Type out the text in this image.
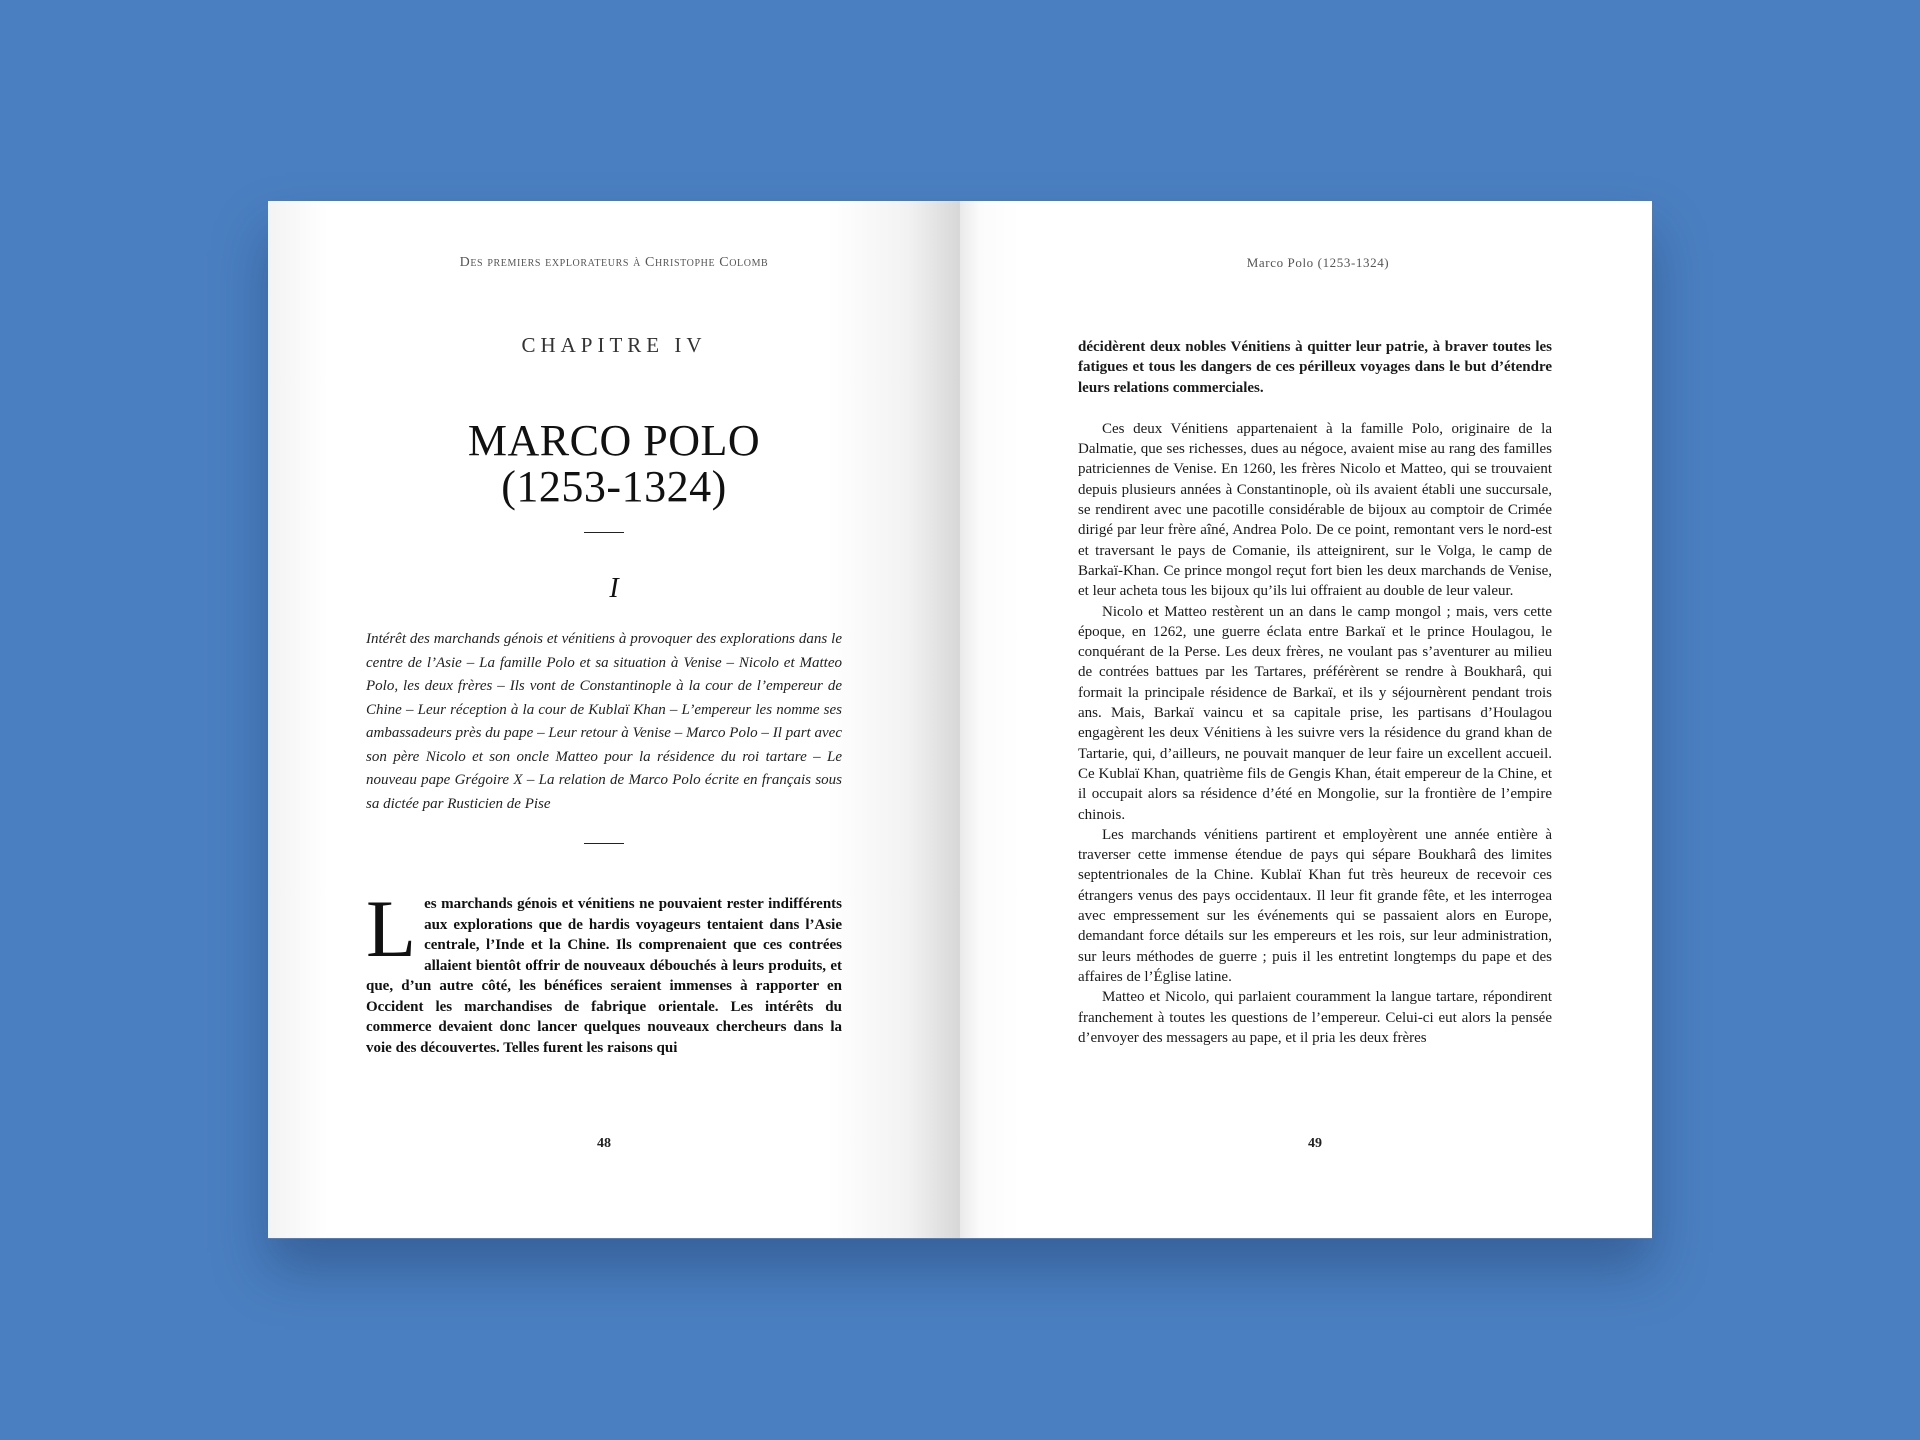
Des premiers explorateurs à Christophe Colomb	Marco Polo (1253-1324)
CHAPITRE IV
MARCO POLO
(1253-1324)
I
Intérêt des marchands génois et vénitiens à provoquer des explorations dans le centre de l’Asie – La famille Polo et sa situation à Venise – Nicolo et Matteo Polo, les deux frères – Ils vont de Constantinople à la cour de l’empereur de Chine – Leur réception à la cour de Kublaï Khan – L’empereur les nomme ses ambassadeurs près du pape – Leur retour à Venise – Marco Polo – Il part avec son père Nicolo et son oncle Matteo pour la résidence du roi tartare – Le nouveau pape Grégoire X – La relation de Marco Polo écrite en français sous sa dictée par Rusticien de Pise
Les marchands génois et vénitiens ne pouvaient rester indifférents aux explorations que de hardis voyageurs tentaient dans l’Asie centrale, l’Inde et la Chine. Ils comprenaient que ces contrées allaient bientôt offrir de nouveaux débouchés à leurs produits, et que, d’un autre côté, les bénéfices seraient immenses à rapporter en Occident les marchandises de fabrique orientale. Les intérêts du commerce devaient donc lancer quelques nouveaux chercheurs dans la voie des découvertes. Telles furent les raisons qui
48	49

décidèrent deux nobles Vénitiens à quitter leur patrie, à braver toutes les fatigues et tous les dangers de ces périlleux voyages dans le but d’étendre leurs relations commerciales.

Ces deux Vénitiens appartenaient à la famille Polo, originaire de la Dalmatie, que ses richesses, dues au négoce, avaient mise au rang des familles patriciennes de Venise. En 1260, les frères Nicolo et Matteo, qui se trouvaient depuis plusieurs années à Constantinople, où ils avaient établi une succursale, se rendirent avec une pacotille considérable de bijoux au comptoir de Crimée dirigé par leur frère aîné, Andrea Polo. De ce point, remontant vers le nord-est et traversant le pays de Comanie, ils atteignirent, sur le Volga, le camp de Barkaï-Khan. Ce prince mongol reçut fort bien les deux marchands de Venise, et leur acheta tous les bijoux qu’ils lui offraient au double de leur valeur.

Nicolo et Matteo restèrent un an dans le camp mongol ; mais, vers cette époque, en 1262, une guerre éclata entre Barkaï et le prince Houlagou, le conquérant de la Perse. Les deux frères, ne voulant pas s’aventurer au milieu de contrées battues par les Tartares, préférèrent se rendre à Boukharâ, qui formait la principale résidence de Barkaï, et ils y séjournèrent pendant trois ans. Mais, Barkaï vaincu et sa capitale prise, les partisans d’Houlagou engagèrent les deux Vénitiens à les suivre vers la résidence du grand khan de Tartarie, qui, d’ailleurs, ne pouvait manquer de leur faire un excellent accueil. Ce Kublaï Khan, quatrième fils de Gengis Khan, était empereur de la Chine, et il occupait alors sa résidence d’été en Mongolie, sur la frontière de l’empire chinois.

Les marchands vénitiens partirent et employèrent une année entière à traverser cette immense étendue de pays qui sépare Boukharâ des limites septentrionales de la Chine. Kublaï Khan fut très heureux de recevoir ces étrangers venus des pays occidentaux. Il leur fit grande fête, et les interrogea avec empressement sur les événements qui se passaient alors en Europe, demandant force détails sur les empereurs et les rois, sur leur administration, sur leurs méthodes de guerre ; puis il les entretint longtemps du pape et des affaires de l’Église latine.

Matteo et Nicolo, qui parlaient couramment la langue tartare, répondirent franchement à toutes les questions de l’empereur. Celui-ci eut alors la pensée d’envoyer des messagers au pape, et il pria les deux frères
